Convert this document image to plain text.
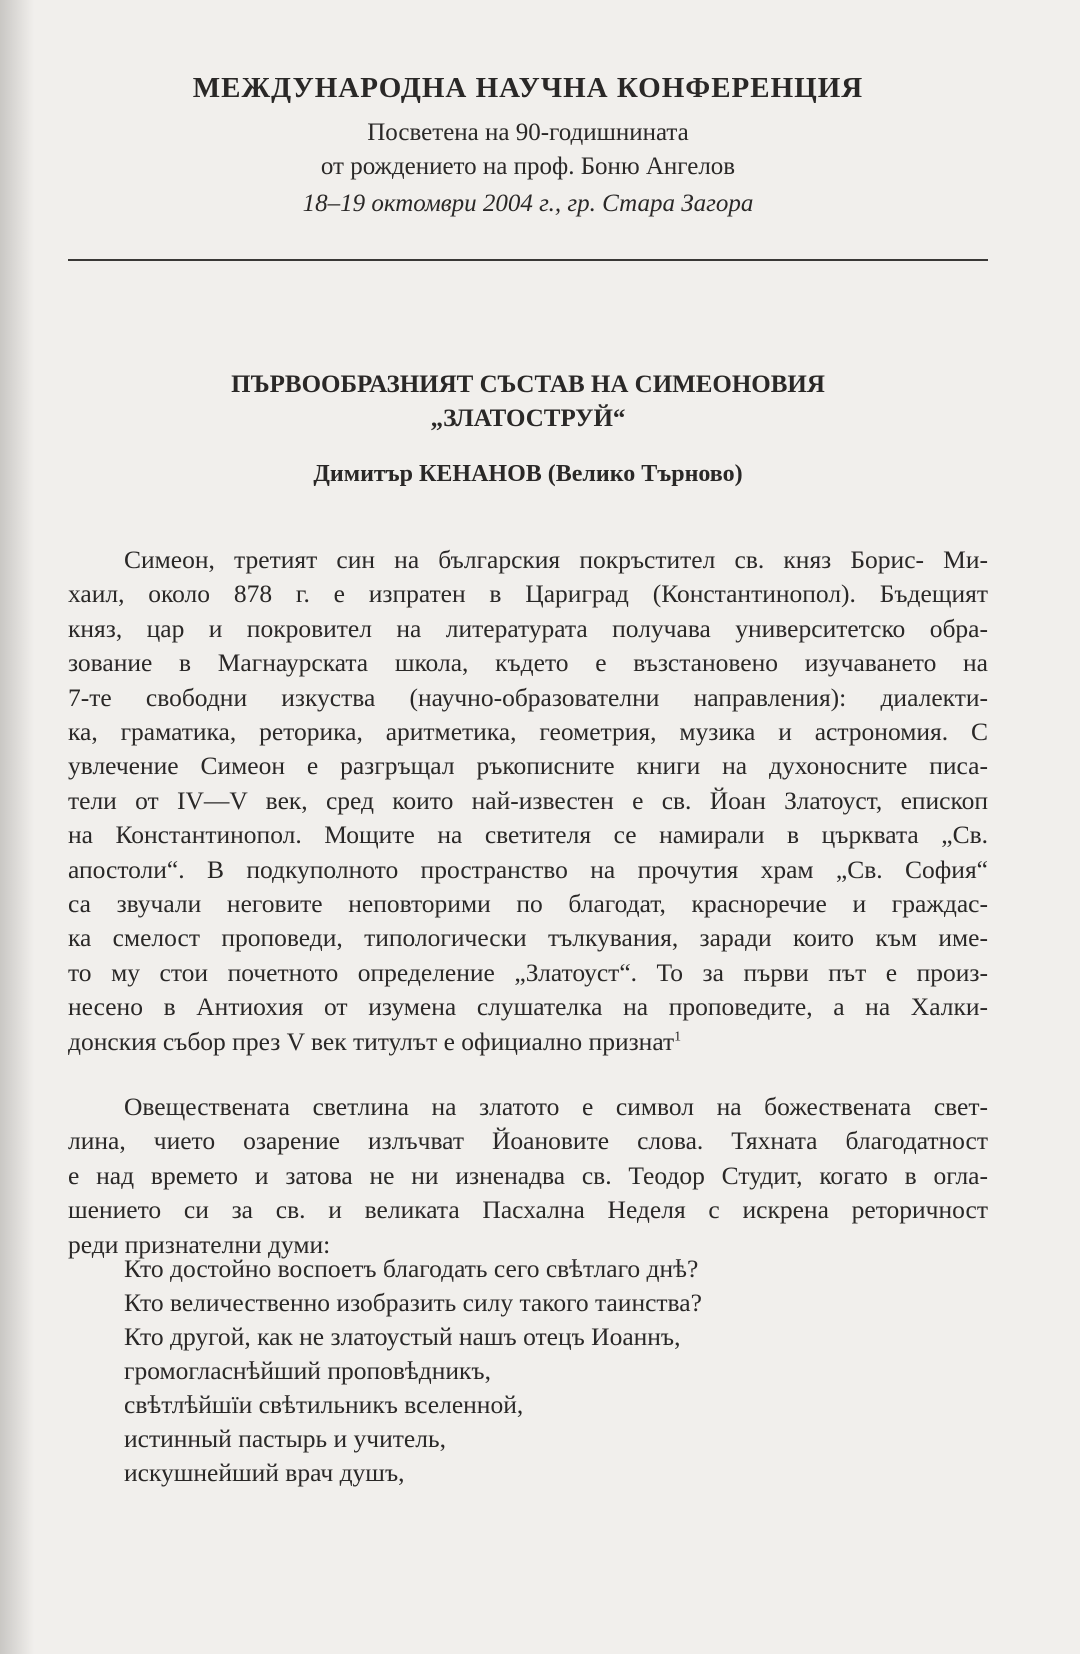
МЕЖДУНАРОДНА НАУЧНА КОНФЕРЕНЦИЯ
Посветена на 90-годишнината
от рождението на проф. Боню Ангелов
18–19 октомври 2004 г., гр. Стара Загора
ПЪРВООБРАЗНИЯТ СЪСТАВ НА СИМЕОНОВИЯ
„ЗЛАТОСТРУЙ“
Димитър КЕНАНОВ (Велико Търново)
Симеон, третият син на българския покръстител св. княз Борис- Ми-
хаил, около 878 г. е изпратен в Цариград (Константинопол). Бъдещият
княз, цар и покровител на литературата получава университетско обра-
зование в Магнаурската школа, където е възстановено изучаването на
7-те свободни изкуства (научно-образователни направления): диалекти-
ка, граматика, реторика, аритметика, геометрия, музика и астрономия. С
увлечение Симеон е разгръщал ръкописните книги на духоносните писа-
тели от IV—V век, сред които най-известен е св. Йоан Златоуст, епископ
на Константинопол. Мощите на светителя се намирали в църквата „Св.
апостоли“. В подкуполното пространство на прочутия храм „Св. София“
са звучали неговите неповторими по благодат, красноречие и граждас-
ка смелост проповеди, типологически тълкувания, заради които към име-
то му стои почетното определение „Златоуст“. То за първи път е произ-
несено в Антиохия от изумена слушателка на проповедите, а на Халки-
донския събор през V век титулът е официално признат$^1$
Овеществената светлина на златото е символ на божествената свет-
лина, чието озарение излъчват Йоановите слова. Тяхната благодатност
е над времето и затова не ни изненадва св. Теодор Студит, когато в огла-
шението си за св. и великата Пасхална Неделя с искрена реторичност
реди признателни думи:
Кто достойно воспоетъ благодать сего свѣтлаго днѣ?
Кто величественно изобразить силу такого таинства?
Кто другой, как не златоустый нашъ отецъ Иоаннъ,
громогласнѣйший проповѣдникъ,
свѣтлѣйшїи свѣтильникъ вселенной,
истинный пастырь и учитель,
искушнейший врач душъ,
